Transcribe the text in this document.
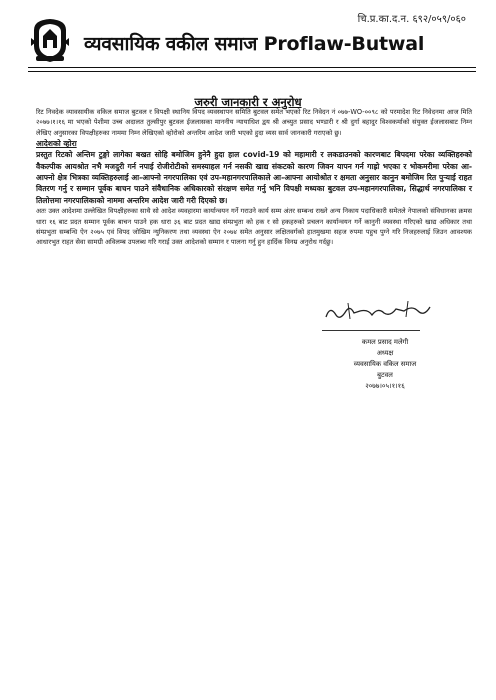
चि.प्र.का.द.न. ६९२/०५९/०६०
व्यवसायिक वकील समाज Proflaw-Butwal
जरुरी जानकारी र अनुरोध

रिट निवदेक व्यावसायीक वकिल समाज बुटवल र विपक्षी स्थानिय विपद व्यवस्थापन समिति बुटवल समेत भएको रिट निवेदन नं ०७७-WO-००९८ को परमादेश रिट निवेदनमा आज मिति २०७७।१।१६ मा भएको पेशीमा उच्च अदालत तुल्सीपुर बुटवल ईजलासका माननीय न्यायाधिश द्वय श्री अच्युत प्रसाद भण्डारी र श्री दुर्गा बहादुर विश्वकर्माको संयुक्त ईजलासबाट निम्न लेखिए अनुसारका विपक्षीहरुका नाममा निम्न लेखिएको व्होरोको अन्तरिम आदेश जारी भएको हुदा व्यस सार्व जानकारी गराएको छु।

आदेशको व्होरा

प्रस्तुत रिटको अन्तिम टुङ्गो लागेका बखत सोहि बमोजिम हुनेनै हुदा हाल covid-19 को महामारी र लकडाउनको कारणबाट बिपदमा परेका व्यक्तिहरुको वैकल्पीक आयश्रोत नभै मजदुरी गर्न नपाई रोजीरोटीको समस्याहल गर्न नसकी खाद्य संकटको कारण जिवन यापन गर्न गाह्रो भएका र भोकमरीमा परेका आ-आफ्नो क्षेत्र भित्रका व्यक्तिहरुलाई आ-आफ्नो नगरपालिका एवं उप-महानगरपालिकाले आ-आफ्ना आयोश्रोत र क्षमता अनुसार कानुन बमोजिम रित पुऱ्याई राहत वितरण गर्नु र सम्मान पूर्वक बाचन पाउने संवैधानिक अधिकारको संरक्षण समेत गर्नु भनि विपक्षी मध्यका बुटवल उप-महानगरपालिका, सिद्धार्थ नगरपालिका र तिलोत्तमा नगरपालिकाको नाममा अन्तरिम आदेश जारी गरी दिएको छ।

अतः उक्त आदेशमा उल्लेखित विपक्षीहरुका साथै सो आदेश व्यवहारमा कार्यान्वयन गर्ने गराउने कार्य सम्म अंतर सम्बन्ध राख्ने अन्य निकाय पदाधिकारी समेतले नेपालको संविधानका क्रमस धारा १६ बाट प्रदत सम्मान पूर्वक बाचन पाउने हक धारा ३६ बाट प्रदत खाद्य संम्प्रभुता को हक र सो हकहरुको प्रचलन कार्यान्वयन गर्ने कानुनी व्यवस्था गरिएको खाद्य अधिकार तथा संम्प्रभुता सम्बन्धि ऐन २०७५ एवं विपद जोखिम न्युनिकरण तथा व्यवस्था ऐन २०७४ समेत अनुसार लक्षितवर्गको हातमुखमा सहज रुपमा पहुच पुग्ने गरि निजहरुलाई जिउन आवश्यक आधारभुत राहत सेवा सामग्री अविलम्ब उपलब्ध गरि गराई उक्त आदेशको सम्मान र पालना गर्नु हुन हार्दिक विनम्र अनुरोध गर्दछु।

कमल प्रसाद मलेगी
अध्यक्ष
व्यवसायिक वकिल समाज
बुटवल
२०७७।०५।१।१६
